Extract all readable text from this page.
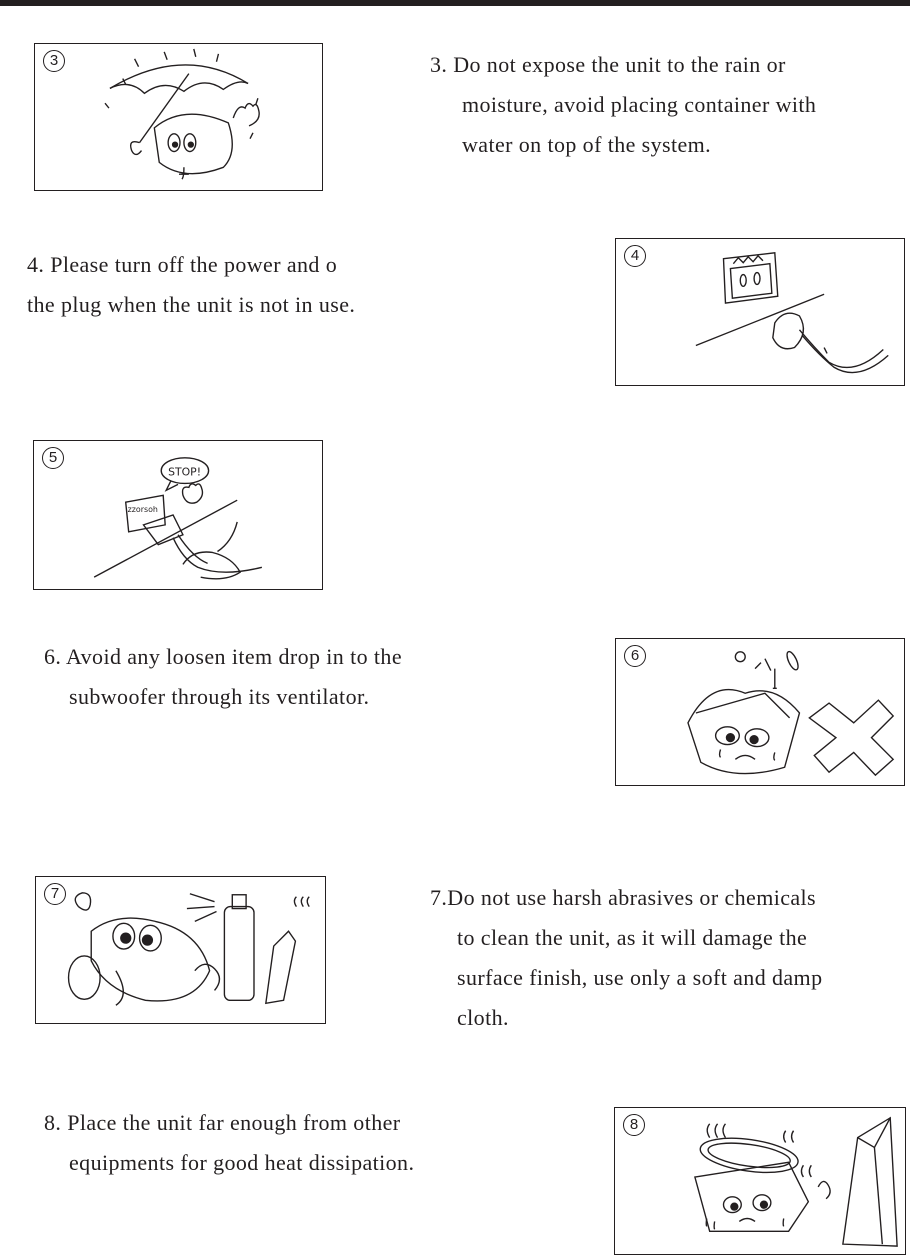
3	3. Do not expose the unit to the rain or
moisture, avoid placing container with
water on top of the system.
4. Please turn off the power and o
the plug when the unit is not in use.
4
5
STOP!
zzorsoh
6. Avoid any loosen item drop in to the
subwoofer through its ventilator.
6
7	7.Do not use harsh abrasives or chemicals
to clean the unit, as it will damage the
surface finish, use only a soft and damp
cloth.
8. Place the unit far enough from other
equipments for good heat dissipation.
8
